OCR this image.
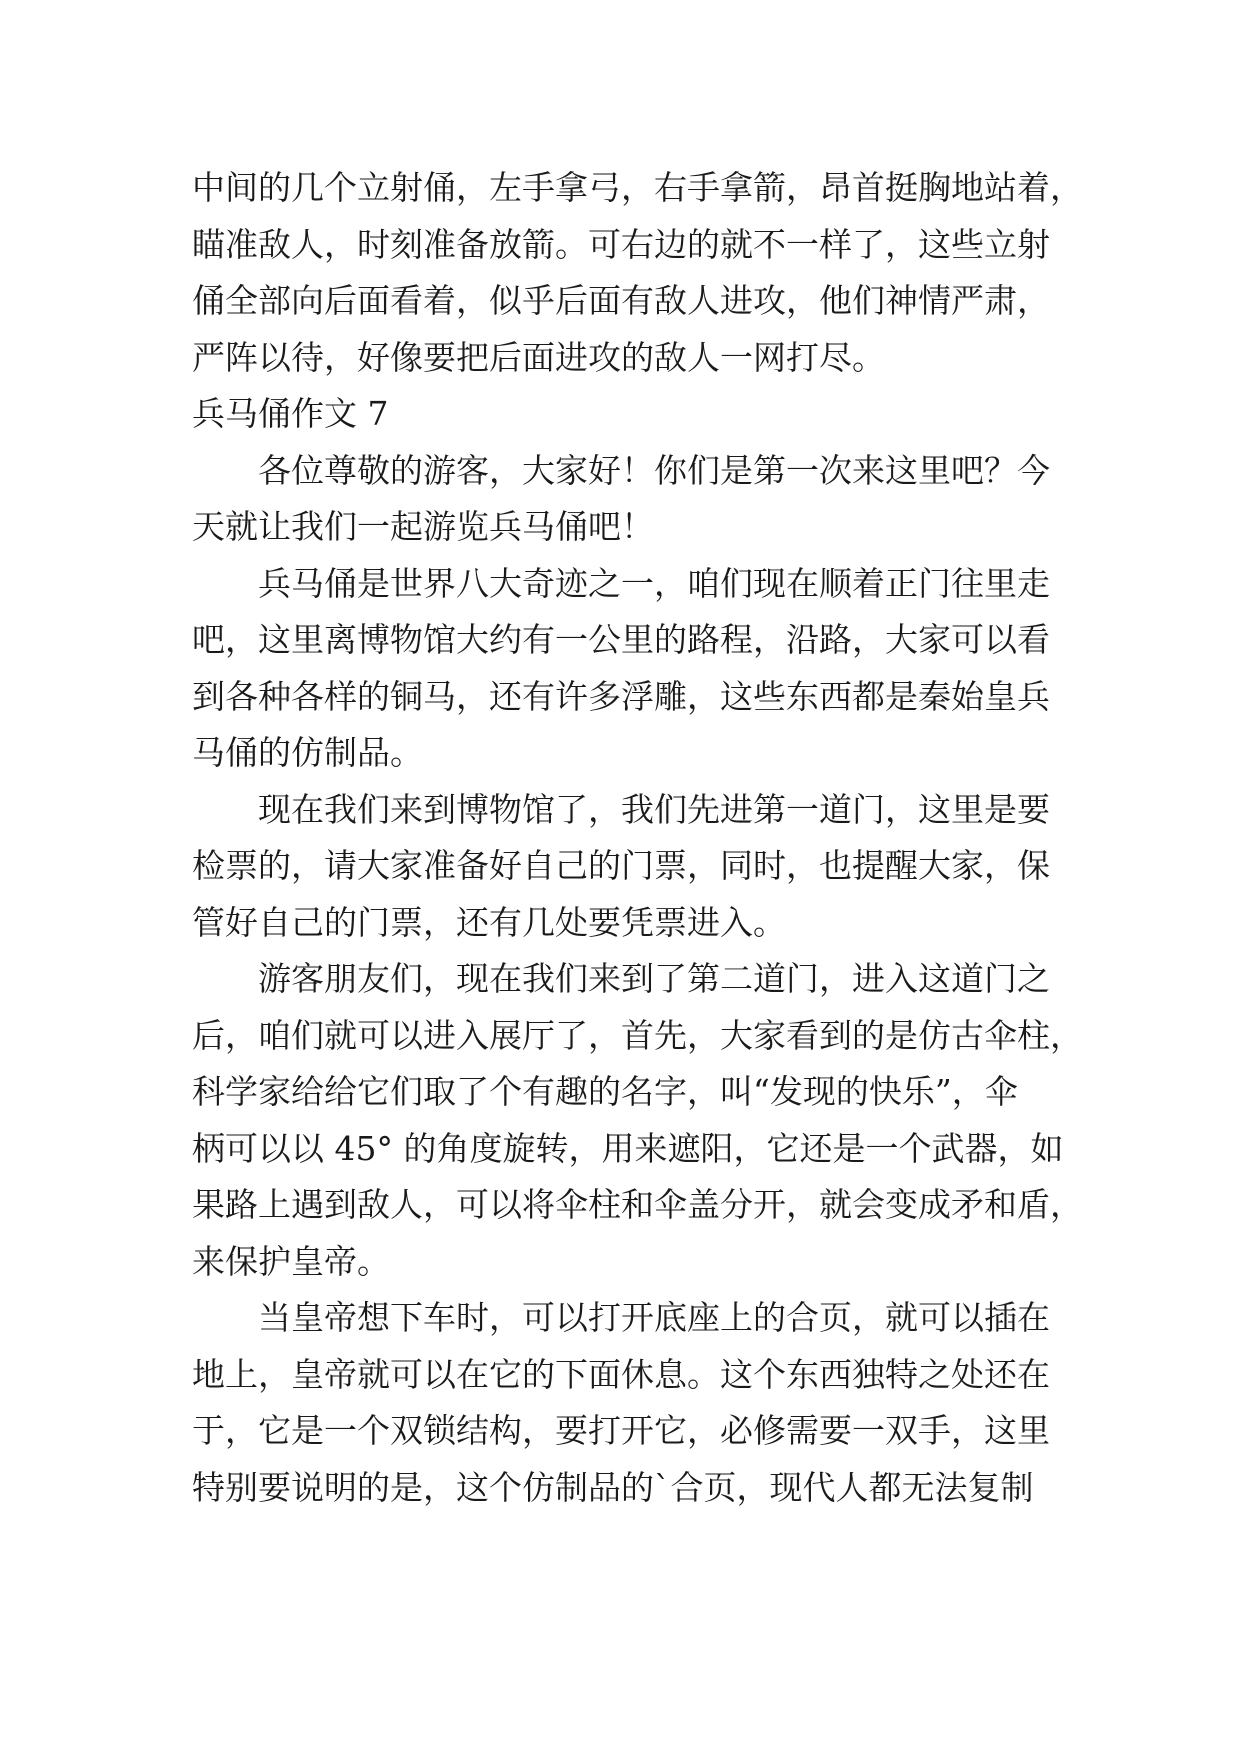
中间的几个立射俑，左手拿弓，右手拿箭，昂首挺胸地站着，
瞄准敌人，时刻准备放箭。可右边的就不一样了，这些立射
俑全部向后面看着，似乎后面有敌人进攻，他们神情严肃，
严阵以待，好像要把后面进攻的敌人一网打尽。
兵马俑作文 7
各位尊敬的游客，大家好！你们是第一次来这里吧？今
天就让我们一起游览兵马俑吧！
兵马俑是世界八大奇迹之一，咱们现在顺着正门往里走
吧，这里离博物馆大约有一公里的路程，沿路，大家可以看
到各种各样的铜马，还有许多浮雕，这些东西都是秦始皇兵
马俑的仿制品。
现在我们来到博物馆了，我们先进第一道门，这里是要
检票的，请大家准备好自己的门票，同时，也提醒大家，保
管好自己的门票，还有几处要凭票进入。
游客朋友们，现在我们来到了第二道门，进入这道门之
后，咱们就可以进入展厅了，首先，大家看到的是仿古伞柱，
科学家给给它们取了个有趣的名字，叫“发现的快乐”，伞
柄可以以 45° 的角度旋转，用来遮阳，它还是一个武器，如
果路上遇到敌人，可以将伞柱和伞盖分开，就会变成矛和盾，
来保护皇帝。
当皇帝想下车时，可以打开底座上的合页，就可以插在
地上，皇帝就可以在它的下面休息。这个东西独特之处还在
于，它是一个双锁结构，要打开它，必修需要一双手，这里
特别要说明的是，这个仿制品的`合页，现代人都无法复制
